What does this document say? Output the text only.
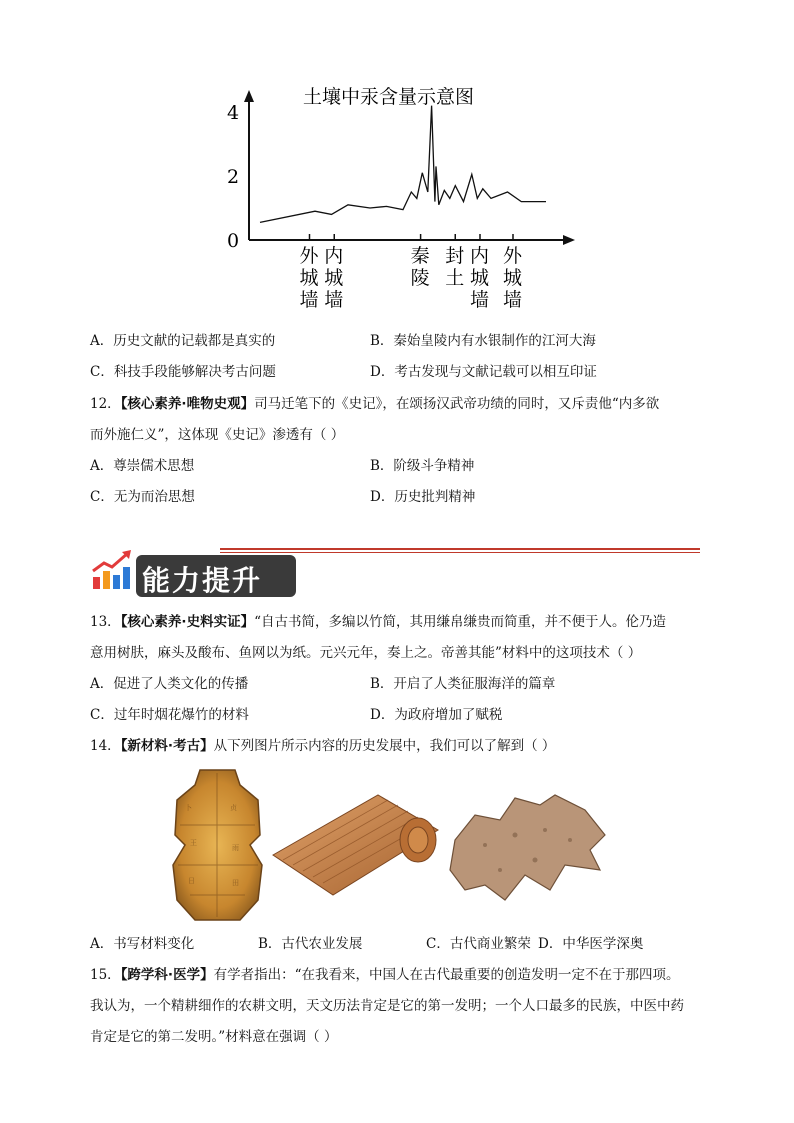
土壤中汞含量示意图
0
2
4
外
城
墙
内
城
墙
秦
陵
封
土
内
城
墙
外
城
墙
A．历史文献的记载都是真实的	B．秦始皇陵内有水银制作的江河大海
C．科技手段能够解决考古问题	D．考古发现与文献记载可以相互印证
12．【核心素养·唯物史观】司马迁笔下的《史记》，在颂扬汉武帝功绩的同时，又斥责他“内多欲
而外施仁义”，这体现《史记》渗透有（ ）
A．尊崇儒术思想	B．阶级斗争精神
C．无为而治思想	D．历史批判精神
能力提升
13．【核心素养·史料实证】“自古书简，多编以竹简，其用缣帛缣贵而简重，并不便于人。伦乃造
意用树肤，麻头及酸布、鱼网以为纸。元兴元年，奏上之。帝善其能”材料中的这项技术（ ）
A．促进了人类文化的传播	B．开启了人类征服海洋的篇章
C．过年时烟花爆竹的材料	D．为政府增加了赋税
14．【新材料·考古】从下列图片所示内容的历史发展中，我们可以了解到（ ）
卜	贞
王
雨
日	田
A．书写材料变化	B．古代农业发展	C．古代商业繁荣 D．中华医学深奥
15．【跨学科·医学】有学者指出：“在我看来，中国人在古代最重要的创造发明一定不在于那四项。
我认为，一个精耕细作的农耕文明，天文历法肯定是它的第一发明；一个人口最多的民族，中医中药
肯定是它的第二发明。”材料意在强调（ ）
